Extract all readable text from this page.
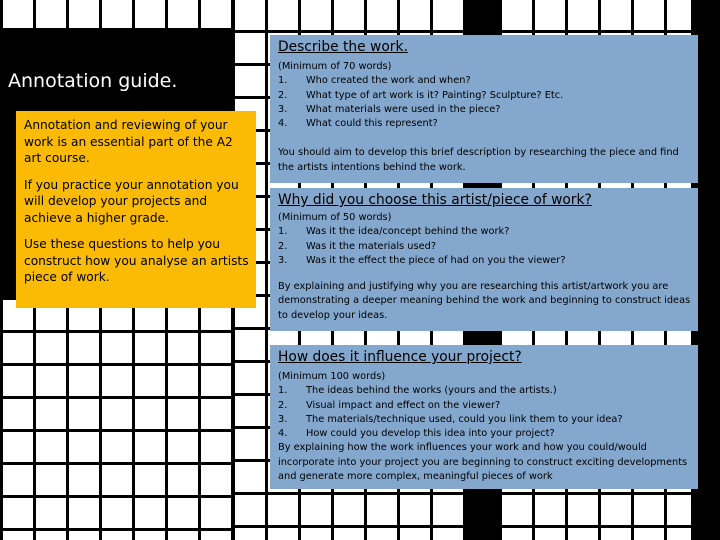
Annotation guide.

Annotation and reviewing of your work is an essential part of the A2 art course.

If you practice your annotation you will develop your projects and achieve a higher grade.

Use these questions to help you construct how you analyse an artists piece of work.

Describe the work.

(Minimum of 70 words)

1.	Who created the work and when?
2.	What type of art work is it? Painting? Sculpture? Etc.
3.	What materials were used in the piece?
4.	What could this represent?

You should aim to develop this brief description by researching the piece and find the artists intentions behind the work.

Why did you choose this artist/piece of work?

(Minimum of 50 words)

1.	Was it the idea/concept behind the work?
2.	Was it the materials used?
3.	Was it the effect the piece of had on you the viewer?

By explaining and justifying why you are researching this artist/artwork you are demonstrating a deeper meaning behind the work and beginning to construct ideas to develop your ideas.

How does it influence your project?

(Minimum 100 words)

1.	The ideas behind the works (yours and the artists.)
2.	Visual impact and effect on the viewer?
3.	The materials/technique used, could you link them to your idea?
4.	How could you develop this idea into your project?

By explaining how the work influences your work and how you could/would incorporate into your project you are beginning to construct exciting developments and generate more complex, meaningful pieces of work
